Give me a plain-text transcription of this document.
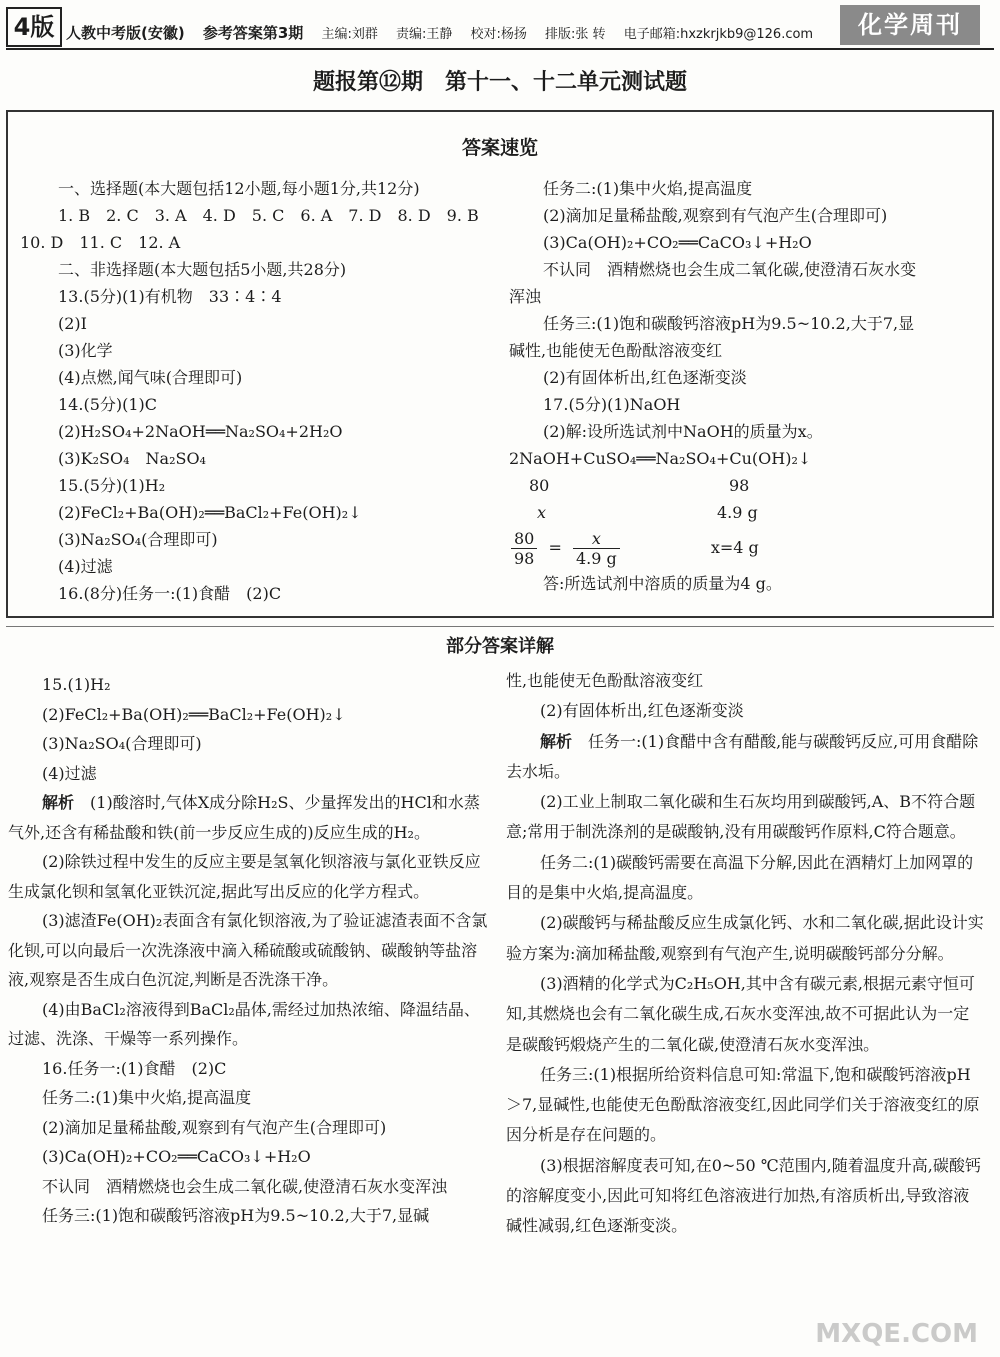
4版 人教中考版(安徽) 参考答案第3期 主编:刘群 责编:王静 校对:杨扬 排版:张 转 电子邮箱:hxzkrjkb9@126.com	化学周刊
题报第⑫期　第十一、十二单元测试题
答案速览
一、选择题(本大题包括12小题,每小题1分,共12分)
1. B　2. C　3. A　4. D　5. C　6. A　7. D　8. D　9. B
10. D　11. C　12. A
二、非选择题(本大题包括5小题,共28分)
13.(5分)(1)有机物　33∶4∶4
(2)I
(3)化学
(4)点燃,闻气味(合理即可)
14.(5分)(1)C
(2)H₂SO₄+2NaOH══Na₂SO₄+2H₂O
(3)K₂SO₄　Na₂SO₄
15.(5分)(1)H₂
(2)FeCl₂+Ba(OH)₂══BaCl₂+Fe(OH)₂↓
(3)Na₂SO₄(合理即可)
(4)过滤
16.(8分)任务一:(1)食醋　(2)C
任务二:(1)集中火焰,提高温度
(2)滴加足量稀盐酸,观察到有气泡产生(合理即可)
(3)Ca(OH)₂+CO₂══CaCO₃↓+H₂O
不认同　酒精燃烧也会生成二氧化碳,使澄清石灰水变
浑浊
任务三:(1)饱和碳酸钙溶液pH为9.5~10.2,大于7,显
碱性,也能使无色酚酞溶液变红
(2)有固体析出,红色逐渐变淡
17.(5分)(1)NaOH
(2)解:设所选试剂中NaOH的质量为x。
2NaOH+CuSO₄══Na₂SO₄+Cu(OH)₂↓
80	98
x	4.9 g
$\frac{80}{98} = \frac{x}{4.9 g}$	x=4 g
答:所选试剂中溶质的质量为4 g。
部分答案详解
15.(1)H₂
(2)FeCl₂+Ba(OH)₂══BaCl₂+Fe(OH)₂↓
(3)Na₂SO₄(合理即可)
(4)过滤
解析　 (1)酸溶时,气体X成分除H₂S、少量挥发出的HCl和水蒸气外,还含有稀盐酸和铁(前一步反应生成的)反应生成的H₂。
(2)除铁过程中发生的反应主要是氢氧化钡溶液与氯化亚铁反应生成氯化钡和氢氧化亚铁沉淀,据此写出反应的化学方程式。
(3)滤渣Fe(OH)₂表面含有氯化钡溶液,为了验证滤渣表面不含氯化钡,可以向最后一次洗涤液中滴入稀硫酸或硫酸钠、碳酸钠等盐溶液,观察是否生成白色沉淀,判断是否洗涤干净。
(4)由BaCl₂溶液得到BaCl₂晶体,需经过加热浓缩、降温结晶、过滤、洗涤、干燥等一系列操作。
16.任务一:(1)食醋　(2)C
任务二:(1)集中火焰,提高温度
(2)滴加足量稀盐酸,观察到有气泡产生(合理即可)
(3)Ca(OH)₂+CO₂══CaCO₃↓+H₂O
不认同　酒精燃烧也会生成二氧化碳,使澄清石灰水变浑浊
任务三:(1)饱和碳酸钙溶液pH为9.5~10.2,大于7,显碱
性,也能使无色酚酞溶液变红
(2)有固体析出,红色逐渐变淡
解析　 任务一:(1)食醋中含有醋酸,能与碳酸钙反应,可用食醋除去水垢。
(2)工业上制取二氧化碳和生石灰均用到碳酸钙,A、B不符合题意;常用于制洗涤剂的是碳酸钠,没有用碳酸钙作原料,C符合题意。
任务二:(1)碳酸钙需要在高温下分解,因此在酒精灯上加网罩的目的是集中火焰,提高温度。
(2)碳酸钙与稀盐酸反应生成氯化钙、水和二氧化碳,据此设计实验方案为:滴加稀盐酸,观察到有气泡产生,说明碳酸钙部分分解。
(3)酒精的化学式为C₂H₅OH,其中含有碳元素,根据元素守恒可知,其燃烧也会有二氧化碳生成,石灰水变浑浊,故不可据此认为一定是碳酸钙煅烧产生的二氧化碳,使澄清石灰水变浑浊。
任务三:(1)根据所给资料信息可知:常温下,饱和碳酸钙溶液pH＞7,显碱性,也能使无色酚酞溶液变红,因此同学们关于溶液变红的原因分析是存在问题的。
(3)根据溶解度表可知,在0~50 ℃范围内,随着温度升高,碳酸钙的溶解度变小,因此可知将红色溶液进行加热,有溶质析出,导致溶液碱性减弱,红色逐渐变淡。
MXQE.COM
